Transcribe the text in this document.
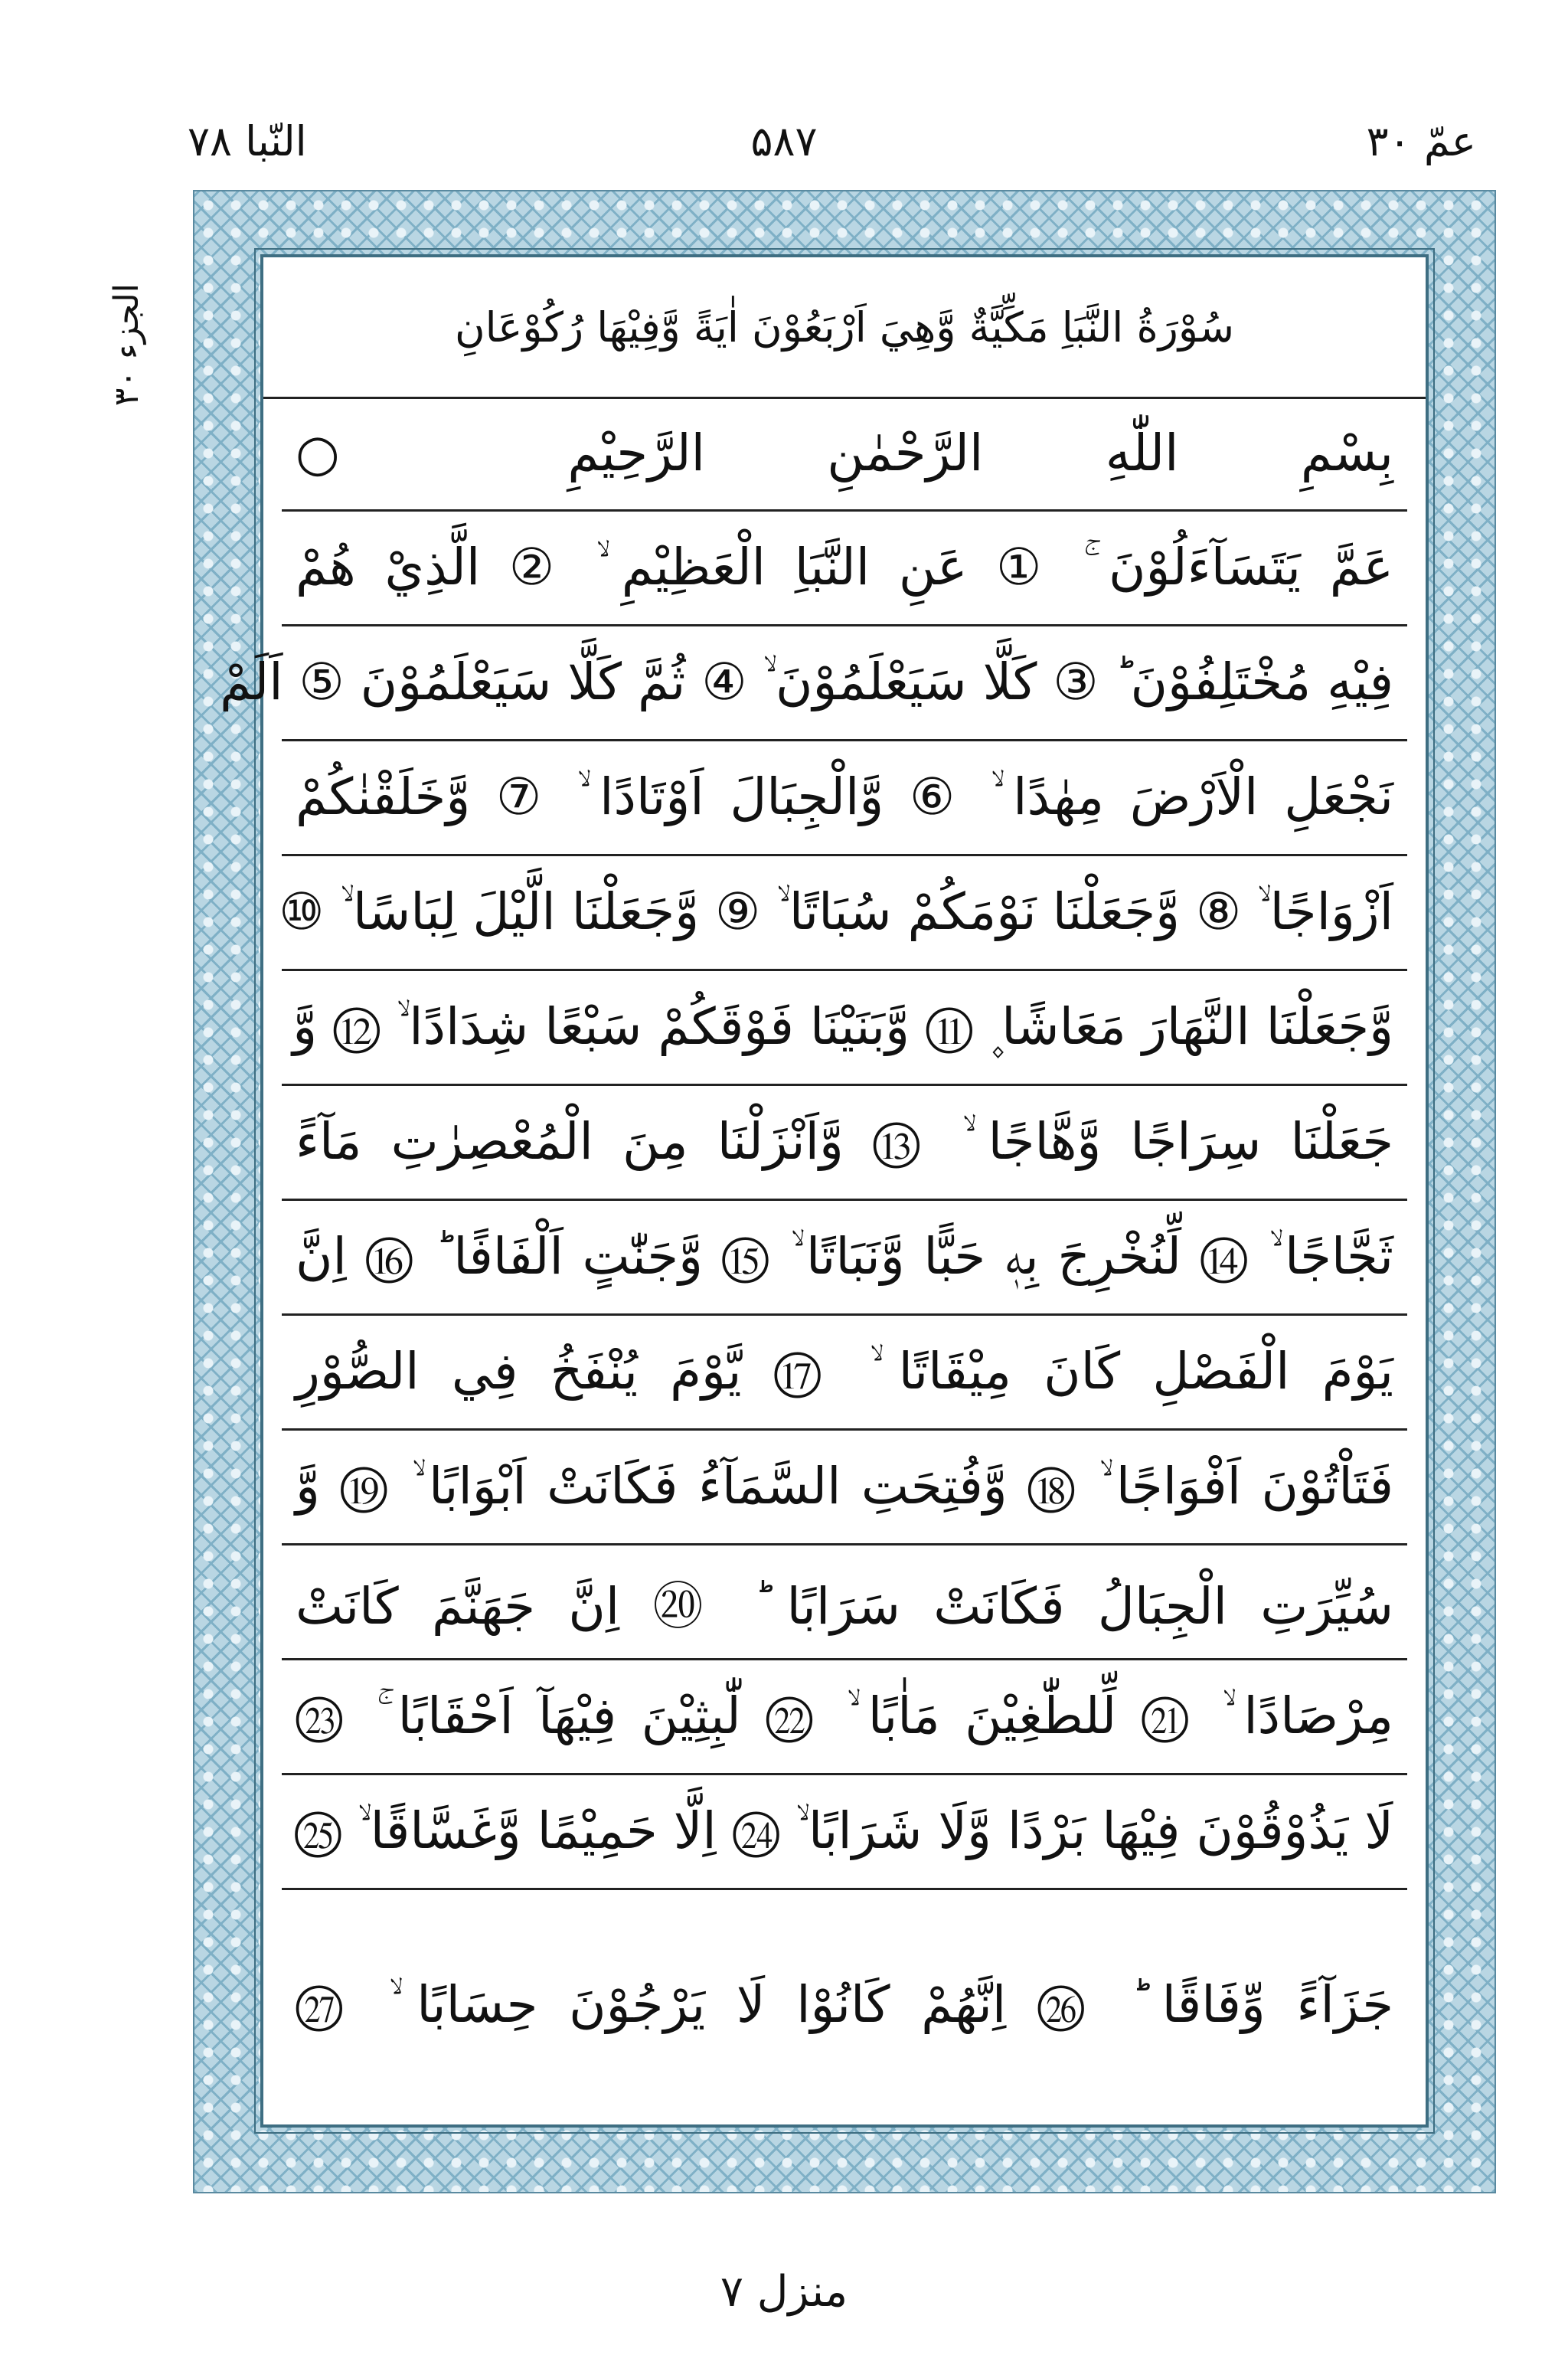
عمّ ٣٠
۵٨٧
النّبا ٧٨
الجزء ٣٠	سُوْرَةُ النَّبَاِ مَكِّيَّةٌ وَّهِيَ اَرْبَعُوْنَ اٰيَةً وَّفِيْهَا رُكُوْعَانِ
بِسْمِ اللّٰهِ الرَّحْمٰنِ الرَّحِيْمِ ○
عَمَّ يَتَسَآءَلُوْنَ ۚ ① عَنِ النَّبَاِ الْعَظِيْمِ ۙ ② الَّذِيْ هُمْ
فِيْهِ مُخْتَلِفُوْنَ ؕ ③ كَلَّا سَيَعْلَمُوْنَ ۙ ④ ثُمَّ كَلَّا سَيَعْلَمُوْنَ ⑤ اَلَمْ
نَجْعَلِ الْاَرْضَ مِهٰدًا ۙ ⑥ وَّالْجِبَالَ اَوْتَادًا ۙ ⑦ وَّخَلَقْنٰكُمْ
اَزْوَاجًا ۙ ⑧ وَّجَعَلْنَا نَوْمَكُمْ سُبَاتًا ۙ ⑨ وَّجَعَلْنَا الَّيْلَ لِبَاسًا ۙ ⑩
وَّجَعَلْنَا النَّهَارَ مَعَاشًا ۪ ⑪ وَّبَنَيْنَا فَوْقَكُمْ سَبْعًا شِدَادًا ۙ ⑫ وَّ
جَعَلْنَا سِرَاجًا وَّهَّاجًا ۙ ⑬ وَّاَنْزَلْنَا مِنَ الْمُعْصِرٰتِ مَآءً
ثَجَّاجًا ۙ ⑭ لِّنُخْرِجَ بِهٖ حَبًّا وَّنَبَاتًا ۙ ⑮ وَّجَنّٰتٍ اَلْفَافًا ؕ ⑯ اِنَّ
يَوْمَ الْفَصْلِ كَانَ مِيْقَاتًا ۙ ⑰ يَّوْمَ يُنْفَخُ فِي الصُّوْرِ
فَتَاْتُوْنَ اَفْوَاجًا ۙ ⑱ وَّفُتِحَتِ السَّمَآءُ فَكَانَتْ اَبْوَابًا ۙ ⑲ وَّ
سُيِّرَتِ الْجِبَالُ فَكَانَتْ سَرَابًا ؕ ⑳ اِنَّ جَهَنَّمَ كَانَتْ
مِرْصَادًا ۙ ㉑ لِّلطّٰغِيْنَ مَاٰبًا ۙ ㉒ لّٰبِثِيْنَ فِيْهَآ اَحْقَابًا ۚ ㉓
لَا يَذُوْقُوْنَ فِيْهَا بَرْدًا وَّلَا شَرَابًا ۙ ㉔ اِلَّا حَمِيْمًا وَّغَسَّاقًا ۙ ㉕
جَزَآءً وِّفَاقًا ؕ ㉖ اِنَّهُمْ كَانُوْا لَا يَرْجُوْنَ حِسَابًا ۙ ㉗
منزل ٧
